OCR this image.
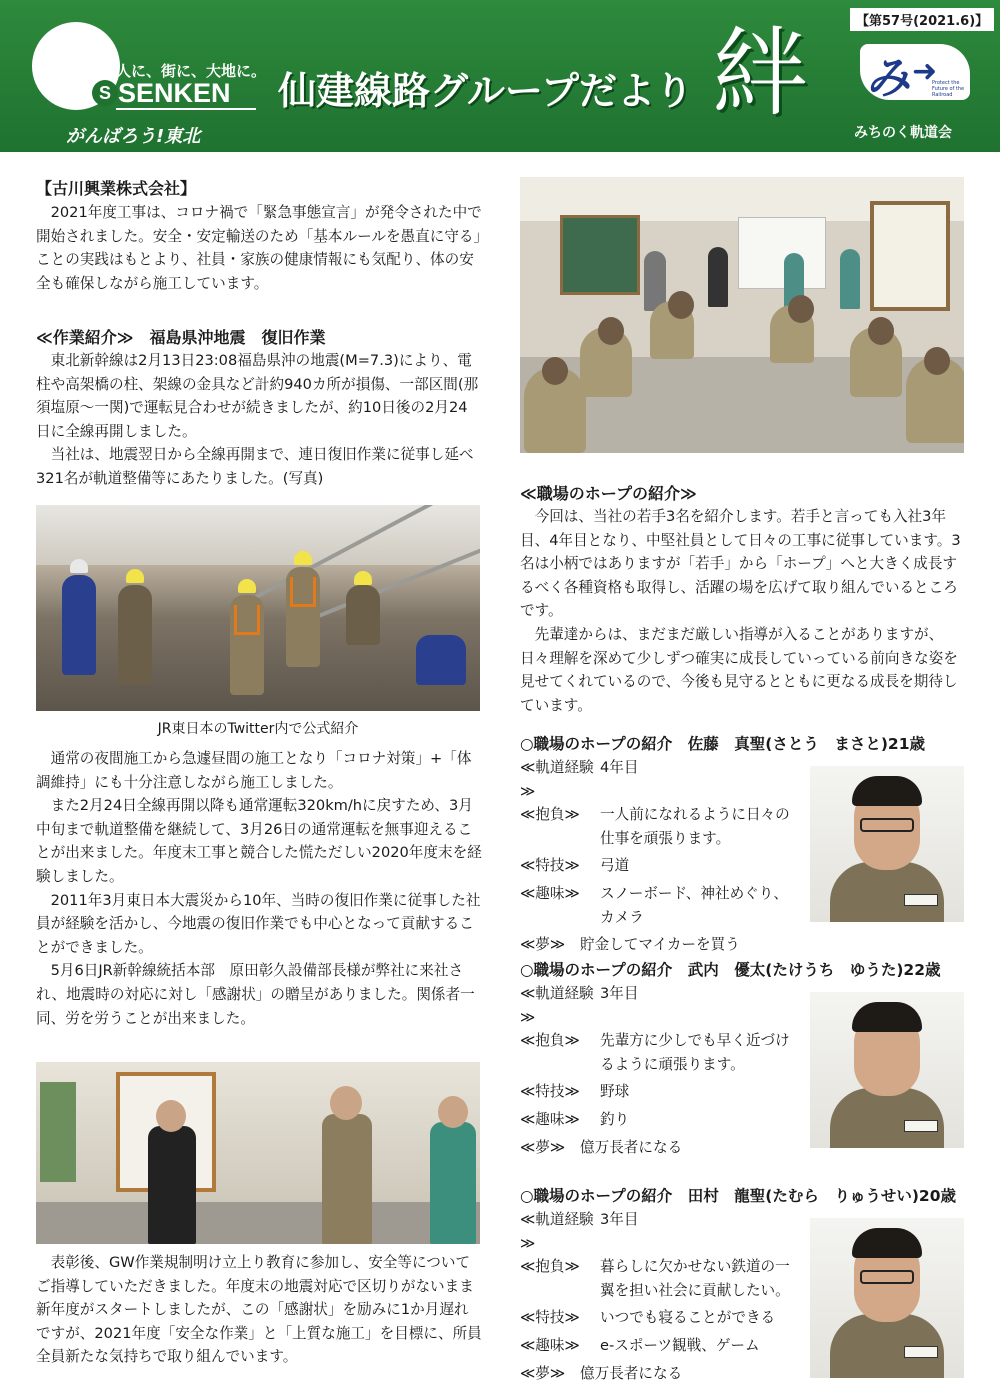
S
人に、街に、大地に。
SENKEN
がんばろう!東北
仙建線路グループだより 絆	【第57号(2021.6)】
み ➜
Protect the Future of the Railroad
みちのく軌道会
【古川興業株式会社】

2021年度工事は、コロナ禍で「緊急事態宣言」が発令された中で開始されました。安全・安定輸送のため「基本ルールを愚直に守る」ことの実践はもとより、社員・家族の健康情報にも気配り、体の安全も確保しながら施工しています。

≪作業紹介≫　福島県沖地震　復旧作業

東北新幹線は2月13日23:08福島県沖の地震(M=7.3)により、電柱や高架橋の柱、架線の金具など計約940カ所が損傷、一部区間(那須塩原～一関)で運転見合わせが続きましたが、約10日後の2月24日に全線再開しました。

当社は、地震翌日から全線再開まで、連日復旧作業に従事し延べ321名が軌道整備等にあたりました。(写真)

JR東日本のTwitter内で公式紹介

通常の夜間施工から急遽昼間の施工となり「コロナ対策」+「体調維持」にも十分注意しながら施工しました。

また2月24日全線再開以降も通常運転320km/hに戻すため、3月中旬まで軌道整備を継続して、3月26日の通常運転を無事迎えることが出来ました。年度末工事と競合した慌ただしい2020年度末を経験しました。

2011年3月東日本大震災から10年、当時の復旧作業に従事した社員が経験を活かし、今地震の復旧作業でも中心となって貢献することができました。

5月6日JR新幹線統括本部　原田彰久設備部長様が弊社に来社され、地震時の対応に対し「感謝状」の贈呈がありました。関係者一同、労を労うことが出来ました。

表彰後、GW作業規制明け立上り教育に参加し、安全等についてご指導していただきました。年度末の地震対応で区切りがないまま新年度がスタートしましたが、この「感謝状」を励みに1か月遅れですが、2021年度「安全な作業」と「上質な施工」を目標に、所員全員新たな気持ちで取り組んでいます。

≪職場のホープの紹介≫

今回は、当社の若手3名を紹介します。若手と言っても入社3年目、4年目となり、中堅社員として日々の工事に従事しています。3名は小柄ではありますが「若手」から「ホープ」へと大きく成長するべく各種資格も取得し、活躍の場を広げて取り組んでいるところです。

先輩達からは、まだまだ厳しい指導が入ることがありますが、日々理解を深めて少しずつ確実に成長していっている前向きな姿を見せてくれているので、今後も見守るとともに更なる成長を期待しています。

○職場のホープの紹介　佐藤　真聖(さとう　まさと)21歳
≪軌道経験≫
4年目
≪抱負≫	一人前になれるように日々の仕事を頑張ります。
≪特技≫	弓道
≪趣味≫	スノーボード、神社めぐり、カメラ
≪夢≫	貯金してマイカーを買う
○職場のホープの紹介　武内　優太(たけうち　ゆうた)22歳
≪軌道経験≫
3年目
≪抱負≫	先輩方に少しでも早く近づけるように頑張ります。
≪特技≫	野球
≪趣味≫	釣り
≪夢≫	億万長者になる
○職場のホープの紹介　田村　龍聖(たむら　りゅうせい)20歳
≪軌道経験≫
3年目
≪抱負≫	暮らしに欠かせない鉄道の一翼を担い社会に貢献したい。
≪特技≫	いつでも寝ることができる
≪趣味≫	e-スポーツ観戦、ゲーム
≪夢≫	億万長者になる
